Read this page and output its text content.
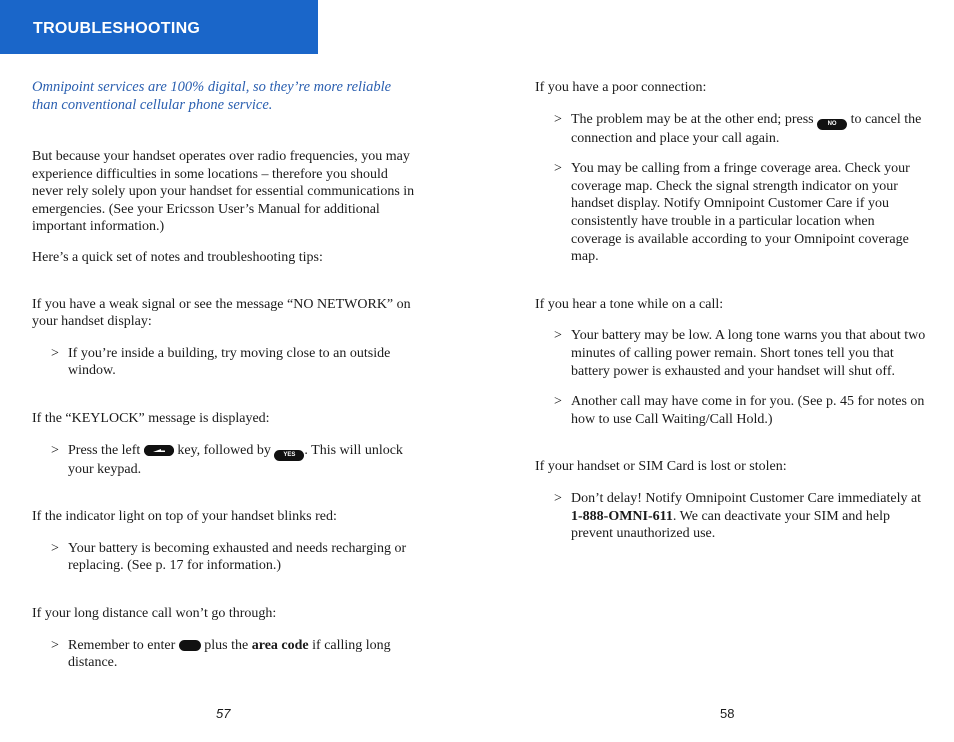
TROUBLESHOOTING

Omnipoint services are 100% digital, so they’re more reliable than conventional cellular phone service.

But because your handset operates over radio frequencies, you may experience difficulties in some locations – therefore you should never rely solely upon your handset for essential communications in emergencies. (See your Ericsson User’s Manual for additional important information.)

Here’s a quick set of notes and troubleshooting tips:

If you have a weak signal or see the message “NO NETWORK” on your handset display:

> If you’re inside a building, try moving close to an outside window.

If the “KEYLOCK” message is displayed:

> Press the left	key, followed by YES . This will unlock your keypad.

If the indicator light on top of your handset blinks red:

> Your battery is becoming exhausted and needs recharging or replacing. (See p. 17 for information.)

If your long distance call won’t go through:

> Remember to enter plus the area code if calling long distance.

If you have a poor connection:

> The problem may be at the other end; press NO to cancel the connection and place your call again.
> You may be calling from a fringe coverage area. Check your coverage map. Check the signal strength indicator on your handset display. Notify Omnipoint Customer Care if you consistently have trouble in a particular location when coverage is available according to your Omnipoint coverage map.

If you hear a tone while on a call:

> Your battery may be low. A long tone warns you that about two minutes of calling power remain. Short tones tell you that battery power is exhausted and your handset will shut off.
> Another call may have come in for you. (See p. 45 for notes on how to use Call Waiting/Call Hold.)

If your handset or SIM Card is lost or stolen:

> Don’t delay! Notify Omnipoint Customer Care immediately at 1-888-OMNI-611. We can deactivate your SIM and help prevent unauthorized use.
57	58
